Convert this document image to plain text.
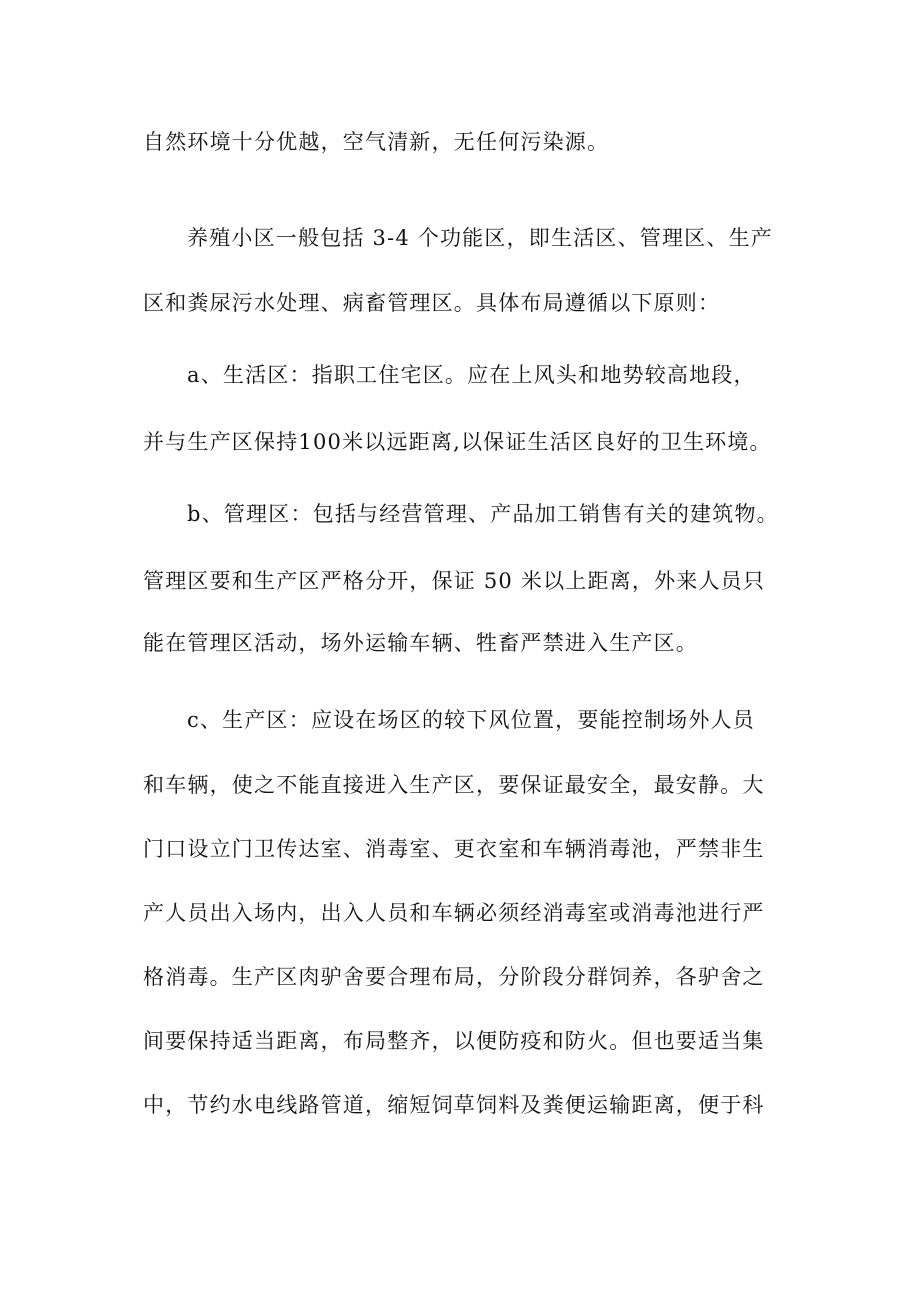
自然环境十分优越，空气清新，无任何污染源。
养殖小区一般包括 3-4 个功能区，即生活区、管理区、生产
区和粪尿污水处理、病畜管理区。具体布局遵循以下原则：
a、生活区：指职工住宅区。应在上风头和地势较高地段，
并与生产区保持100米以远距离,以保证生活区良好的卫生环境。
b、管理区：包括与经营管理、产品加工销售有关的建筑物。
管理区要和生产区严格分开，保证 50 米以上距离，外来人员只
能在管理区活动，场外运输车辆、牲畜严禁进入生产区。
c、生产区：应设在场区的较下风位置，要能控制场外人员
和车辆，使之不能直接进入生产区，要保证最安全，最安静。大
门口设立门卫传达室、消毒室、更衣室和车辆消毒池，严禁非生
产人员出入场内，出入人员和车辆必须经消毒室或消毒池进行严
格消毒。生产区肉驴舍要合理布局，分阶段分群饲养，各驴舍之
间要保持适当距离，布局整齐，以便防疫和防火。但也要适当集
中，节约水电线路管道，缩短饲草饲料及粪便运输距离，便于科
